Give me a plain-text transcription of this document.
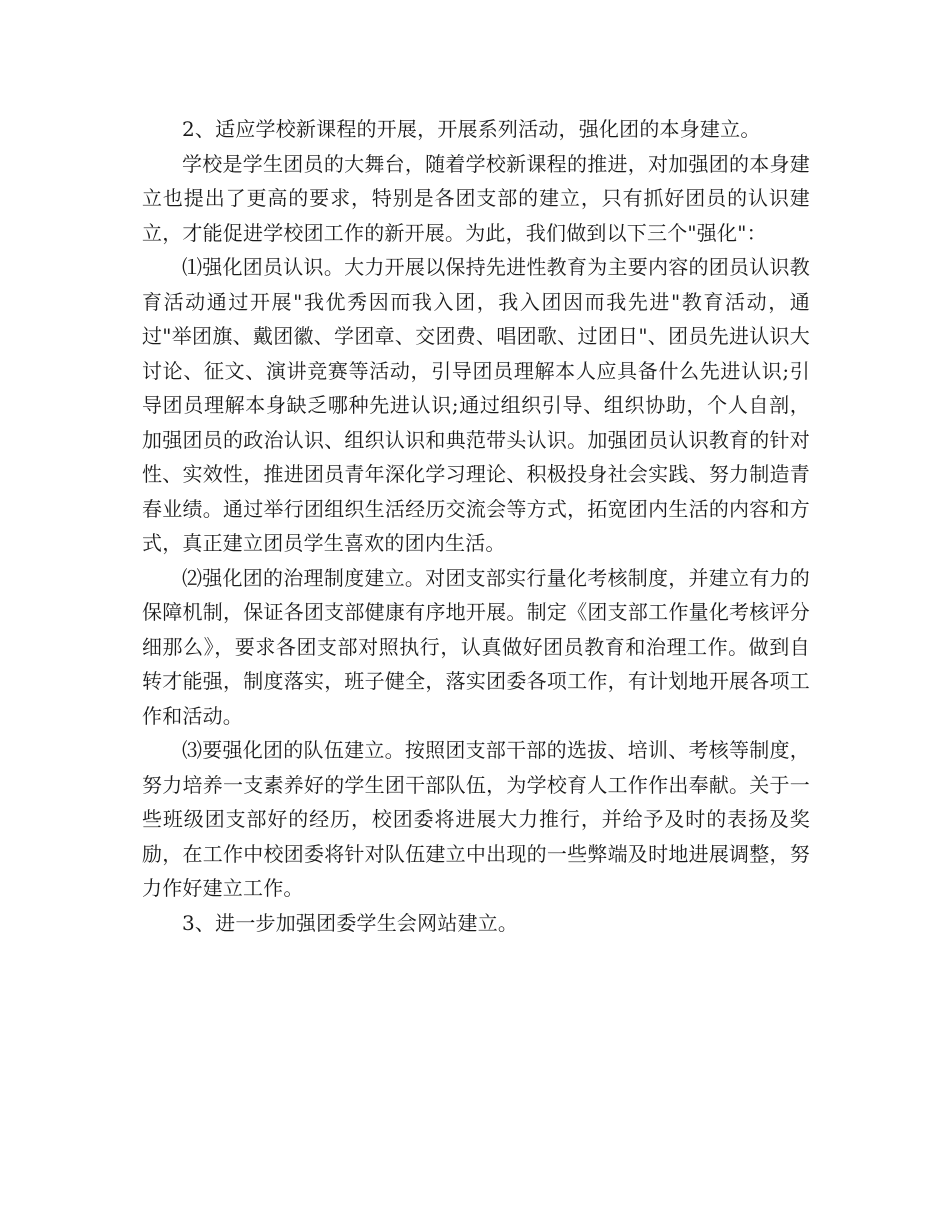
2、适应学校新课程的开展，开展系列活动，强化团的本身建立。

学校是学生团员的大舞台，随着学校新课程的推进，对加强团的本身建立也提出了更高的要求，特别是各团支部的建立，只有抓好团员的认识建立，才能促进学校团工作的新开展。为此，我们做到以下三个"强化"：

⑴强化团员认识。大力开展以保持先进性教育为主要内容的团员认识教育活动通过开展"我优秀因而我入团，我入团因而我先进"教育活动，通过"举团旗、戴团徽、学团章、交团费、唱团歌、过团日"、团员先进认识大讨论、征文、演讲竞赛等活动，引导团员理解本人应具备什么先进认识;引导团员理解本身缺乏哪种先进认识;通过组织引导、组织协助，个人自剖，加强团员的政治认识、组织认识和典范带头认识。加强团员认识教育的针对性、实效性，推进团员青年深化学习理论、积极投身社会实践、努力制造青春业绩。通过举行团组织生活经历交流会等方式，拓宽团内生活的内容和方式，真正建立团员学生喜欢的团内生活。

⑵强化团的治理制度建立。对团支部实行量化考核制度，并建立有力的保障机制，保证各团支部健康有序地开展。制定《团支部工作量化考核评分细那么》，要求各团支部对照执行，认真做好团员教育和治理工作。做到自转才能强，制度落实，班子健全，落实团委各项工作，有计划地开展各项工作和活动。

⑶要强化团的队伍建立。按照团支部干部的选拔、培训、考核等制度，努力培养一支素养好的学生团干部队伍，为学校育人工作作出奉献。关于一些班级团支部好的经历，校团委将进展大力推行，并给予及时的表扬及奖励，在工作中校团委将针对队伍建立中出现的一些弊端及时地进展调整，努力作好建立工作。

3、进一步加强团委学生会网站建立。
